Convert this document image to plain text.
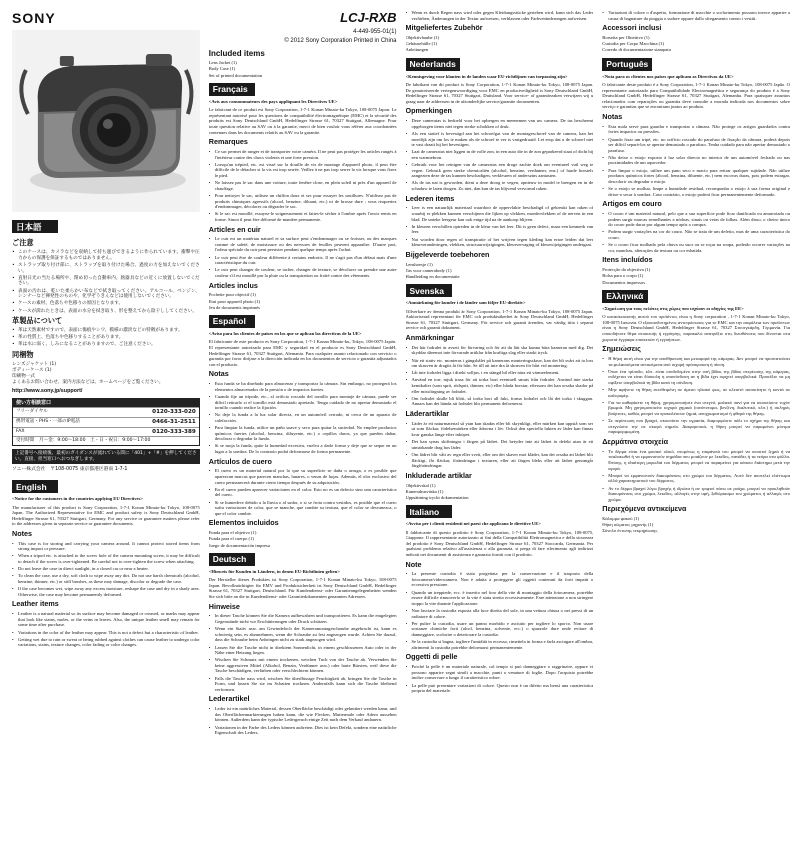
SONY
日本語
ご注意
• このケースは、カメラなどを収納して持ち運びできるように作られています。衝撃や圧力からの保護を保証するものではありません。
• ストラップ取り付け部に、ストラップを取り付けた場合、過度の力を加えないでください。
• 直射日光の当たる場所や、閉め切った自動車内、熱器具などの近くに放置しないでください。
• 表面の汚れは、乾いた柔らかい布などで拭き取ってください。アルコール、ベンジン、シンナーなど揮発性のものや、化学ぞうきんなどは使用しないでください。
• ケースの素材、色落ちや色移りの原因となります。
• ケースが濡れたときは、表面の水分を拭き取り、形を整えてから陰干ししてください。
革製品について
• 革は天然素材ですので、表面に傷痕やシワ、模様の濃淡などの特徴があります。
• 革の性質上、色落ちや色移りすることがあります。
• 革は水に弱く、しみになることがありますので、ご注意ください。
同梱物
レンズジャケット (1)
ボディーケース (1)
印刷物一式

よくあるお問い合わせ、案内方法などは、ホームページをご覧ください。

http://www.sony.jp/support/
使い方相談窓口
フリーダイヤル	0120-333-020
携帯電話・PHS・一部のIP電話	0466-31-2511
FAX	0120-333-389
受付時間　月～金：9:00～18:00　土・日・祝日：9:00～17:00
上記番号へ接続後、最初のガイダンスが流れている間に「401」+「#」を押してください。直接、担当窓口へおつなぎします。
ソニー株式会社　〒108-0075 東京都港区港南 1-7-1
English

<Notice for the customers in the countries applying EU Directives>

The manufacturer of this product is Sony Corporation, 1-7-1 Konan Minato-ku Tokyo, 108-0075 Japan. The Authorized Representative for EMC and product safety is Sony Deutschland GmbH, Hedelfinger Strasse 61, 70327 Stuttgart, Germany. For any service or guarantee matters please refer to the addresses given in separate service or guarantee documents.

Notes
• This case is for storing and carrying your camera around. It cannot protect stored items from strong impact or pressure.
• When a tripod etc. is attached to the screw hole of the camera mounting screw, it may be difficult to detach if the screw is over-tightened. Be careful not to over-tighten the screw when attaching.
• Do not leave the case in direct sunlight, in a closed car or near a heater.
• To clean the case, use a dry, soft cloth to wipe away any dirt. Do not use harsh chemicals (alcohol, benzine, thinner, etc.) or stiff brushes, as these may damage, discolor or degrade the case.
• If the case becomes wet, wipe away any excess moisture, reshape the case and dry in a shady area. Otherwise, the case may become permanently deformed.
Leather items
• Leather is a natural material so its surface may become damaged or creased, or marks may appear that look like stains, moles, or the veins in leaves. Also, the unique leather smell may remain for some time after purchase.
• Variations in the color of the leather may appear. This is not a defect but a characteristic of leather.
• Getting wet due to rain or sweat or being rubbed against clothes can cause leather to undergo color variations, stains, texture changes, color fading or color changes.
LCJ-RXB
4-449-955-01(1)
© 2012 Sony Corporation Printed in China
Included items
Lens Jacket (1)
Body Case (1)
Set of printed documentation
Français

<Avis aux consommateurs des pays appliquant les Directives UE>

Le fabricant de ce produit est Sony Corporation, 1-7-1 Konan Minato-ku Tokyo, 108-0075 Japon. Le représentant autorisé pour les questions de compatibilité électromagnétique (EMC) et la sécurité des produits est Sony Deutschland GmbH, Hedelfinger Strasse 61, 70327 Stuttgart, Allemagne. Pour toute question relative au SAV ou à la garantie, merci de bien vouloir vous référer aux coordonnées contenues dans les documents relatifs au SAV ou la garantie.

Remarques
• Ce sac permet de ranger et de transporter votre caméra. Il ne peut pas protéger les articles rangés à l'intérieur contre des chocs violents et une forte pression.
• Lorsqu'un trépied, etc. est vissé sur la douille de vis de montage d'appareil photo, il peut être difficile de le détacher si la vis est trop serrée. Veillez à ne pas trop serrer la vis lorsque vous fixez le pied.
• Ne laissez pas le sac dans une voiture, toute fenêtre close, en plein soleil ni près d'un appareil de chauffage.
• Pour nettoyer le sac, utilisez un chiffon doux et sec pour essuyer les souillures. N'utilisez pas de produits chimiques agressifs (alcool, benzine, diluant, etc.) ni de brosse dure ; vous risqueriez d'endommager, décolorer ou dégrader le sac.
• Si le sac est mouillé, essuyez-le soigneusement et faites-le sécher à l'ombre après l'avoir remis en forme. Sinon il peut être déformé de manière permanente.
Articles en cuir
• Le cuir est un matériau naturel et sa surface peut s'endommager ou se froisser, ou des marques comme de saleté, de moisissure ou des nervures de feuilles peuvent apparaître. D'autre part, l'odeur spéciale du cuir peut persister pendant quelque temps après l'achat.
• Le cuir peut être de couleur différente à certains endroits. Il ne s'agit pas d'un défaut mais d'une caractéristique du cuir.
• Le cuir peut changer de couleur, se tacher, changer de texture, se décolorer ou prendre une autre couleur s'il est mouillé par la pluie ou la transpiration ou frotté contre des vêtements.
Articles inclus
Pochette pour objectif (1)
Etui pour appareil photo (1)
Jeu de documents imprimés
Español

<Aviso para los clientes de países en los que se aplican las directivas de la UE>

El fabricante de este producto es Sony Corporation, 1-7-1 Konan Minato-ku, Tokyo, 108-0075 Japón. El representante autorizado para EMC y seguridad en el producto es Sony Deutschland GmbH, Hedelfinger Strasse 61, 70327 Stuttgart, Alemania. Para cualquier asunto relacionado con servicio o garantía por favor diríjase a la dirección indicada en los documentos de servicio o garantía adjuntados con el producto.

Notas
• Esta funda se ha diseñado para almacenar y transportar la cámara. Sin embargo, no protegerá los elementos almacenados de la presión o de impactos fuertes.
• Cuando fije un trípode, etc., al orificio roscado del tornillo para montaje de cámara, puede ser difícil retirarlo si el tornillo está demasiado apretado. Tenga cuidado de no apretar demasiado el tornillo cuando realice la fijación.
• No deje la funda a la luz solar directa, en un automóvil cerrado, ni cerca de un aparato de calefacción.
• Para limpiar la funda, utilice un paño suave y seco para quitar la suciedad. No emplee productos químicos fuertes (alcohol, bencina, diluyente, etc.) o cepillos duros, ya que pueden dañar, decolorar o degradar la funda.
• Si se moja la funda, quite la humedad excesiva, vuelva a darle forma y deje que se seque en un lugar a la sombra. De lo contrario podrá deformarse de forma permanente.
Artículos de cuero
• El cuero es un material natural por lo que su superficie se daña o arruga, o es posible que aparezcan marcas que parecen manchas, lunares, o venas de hojas. Además, el olor exclusivo del cuero permanecerá durante cierto tiempo después de su adquisición.
• En el cuero pueden aparecer variaciones en el color. Esto no es un defecto sino una característica del cuero.
• Si se humedece debido a la lluvia o al sudor, o si se frota contra vestidos, es posible que el cuero sufra variaciones de color, que se manche, que cambie su textura, que el color se desvanezca, o que el color cambie.
Elementos incluidos
Funda para el objetivo (1)
Funda para el cuerpo (1)
Juego de documentación impresa
Deutsch

<Hinweis für Kunden in Ländern, in denen EU-Richtlinien gelten>

Der Hersteller dieses Produktes ist Sony Corporation, 1-7-1 Konan Minato-ku Tokyo, 108-0075 Japan. Bevollmächtigter für EMV und Produktsicherheit ist Sony Deutschland GmbH, Hedelfinger Strasse 61, 70327 Stuttgart, Deutschland. Für Kundendienst- oder Garantieangelegenheiten wenden Sie sich bitte an die in Kundendienst- oder Garantiedokumenten genannten Adressen.

Hinweise
• In dieser Tasche können Sie die Kamera aufbewahren und transportieren. Es kann die eingelegten Gegenstände nicht vor Erschütterungen oder Druck schützen.
• Wenn ein Stativ usw. am Gewindeloch der Kameramontageschraube angebracht ist, kann es schwierig sein, es abzunehmen, wenn die Schraube zu fest angezogen wurde. Achten Sie darauf, dass die Schraube beim Anbringen nicht zu stark angezogen wird.
• Lassen Sie die Tasche nicht in direktem Sonnenlicht, in einem geschlossenen Auto oder in der Nähe einer Heizung liegen.
• Wischen Sie Schmutz mit einem trockenen, weichen Tuch von der Tasche ab. Verwenden Sie keine aggressiven Mittel (Alkohol, Benzin, Verdünner usw.) oder harte Bürsten, weil diese die Tasche beschädigen, verfärben oder verschlechtern können.
• Falls die Tasche nass wird, wischen Sie überflüssige Feuchtigkeit ab, bringen Sie die Tasche in Form, und lassen Sie sie im Schatten trocknen. Andernfalls kann sich die Tasche bleibend verformen.
Lederartikel
• Leder ist ein natürliches Material, dessen Oberfläche beschädigt oder geknittert werden kann, und das Oberflächenmarkierungen haben kann, die wie Flecken, Muttermale oder Adern aussehen können. Außerdem kann der typische Ledergeruch einige Zeit nach dem Verkauf andauern.
• Variationen in der Farbe des Leders können auftreten. Dies ist kein Defekt, sondern eine natürliche Eigenschaft des Leders.
• Wenn es durch Regen nass wird oder gegen Kleidungsstücke gerieben wird, kann sich das Leder verfärben, Änderungen in der Textur aufweisen, verblassen oder Farbveränderungen aufweisen.
Mitgeliefertes Zubehör
Objektivhaube (1)
Gehäusehülle (1)
Anleitungen
Nederlands

<Kennisgeving voor klanten in de landen waar EU-richtlijnen van toepassing zijn>

De fabrikant van dit product is Sony Corporation, 1-7-1 Konan Minato-ku Tokyo, 108-0075 Japan. De geautoriseerde vertegenwoordiging voor EMC en productveiligheid is Sony Deutschland GmbH, Hedelfinger Strasse 61, 70327 Stuttgart, Duitsland. Voor service- of garantiezaken verwijzen wij u graag naar de addressen in de afzonderlijke service/garantie documenten.

Opmerkingen
• Deze cameratas is bedoeld voor het opbergen en meenemen van uw camera. De tas beschermt opgeborgen items niet tegen sterke schokken of druk.
• Als een statief is bevestigd aan het schroefgat van de montageschroef van de camera, kan het moeilijk zijn om los te maken als de schroef te ver is vastgedraaid. Let erop dat u de schroef niet te vast draait bij het bevestigen.
• Laat de cameratas niet liggen in de volle zon, in een auto die in de zon geparkeerd staat of dicht bij een warmtebron.
• Gebruik voor het reinigen van de cameratas een droge zachte doek om eventueel vuil weg te vegen. Gebruik geen sterke chemicaliën (alcohol, benzine, verdunner, enz.) of harde borstels aangezien deze de tas kunnen beschadigen, verkleuren of anderszins aantasten.
• Als de tas nat is geworden, dient u deze droog te vegen, opnieuw in model te brengen en in de schaduw te laten drogen. Zo niet, dan kan de tas blijvend vervormd raken.
Lederen items
• Leer is een natuurlijk materiaal waardoor de oppervlakte beschadigd of gekreukt kan raken of waarbij er plekken kunnen verschijnen die lijken op vlekken, moedervlekken of de nerven in een blad. De unieke leergeur kan ook enige tijd na de aankoop blijven.
• In kleuren verschillen optreden in de kleur van het leer. Dit is geen defect, maar een kenmerk van leer.
• Nat worden door regen of transpiratie of het wrijven tegen kleding kan ertoe leiden dat leer kleurveranderingen, vlekken, structuurwijzigingen, kleurvervaging of kleurwijzigingen ondergaat.
Bijgeleverde toebehoren
Lenshoesje (1)
Tas voor camerabody (1)
Handleiding en documentatie
Svenska

<Anmärkning för kunder i de länder som följer EU-direktiv>

Tillverkare av denna produkt är Sony Corporation, 1-7-1 Konan Minato-ku Tokyo, 108-0075 Japan. Auktoriserad representant för EMC och produktsäkerhet är Sony Deutschland GmbH, Hedelfinger Strasse 61, 70327 Stuttgart, Germany. För service och garanti ärenden, var vänlig titta i separat service och garanti dokument.

Anmärkningar
• Det här fodralet är avsett för förvaring och för att du lätt ska kunna bära kameran med dig. Det skyddar däremot inte förvarade artiklar från kraftiga slag eller starkt tryck.
• När ett stativ etc. monteras i gängshålet på kamerans monteringsskruv, kan det bli svårt att ta loss om skruven är dragits åt för hårt. Se till att inte dra åt skruven för hårt vid montering.
• Låt inte fodralet ligga i direkt solljus, i en stängd bil eller nära ett värmeelement.
• Använd en torr, mjuk trasa för att torka bort eventuell smuts från fodralet. Använd inte starka kemikalier (som sprit, rödsprit, thinner, etc) eller hårda borstar, eftersom det kan orsaka skador på eller missfärgning av fodralet.
• Om fodralet skulle bli blött, så torka bort all fukt, forma fodralet och låt det torka i skuggan. Annars kan det hända att fodralet blir permanent deformerat.
Läderartiklar
• Läder är ett naturmaterial så ytan kan skadas eller bli skrynkligt, eller märken kan uppstå som ser ut som fläckar, födelsemärken eller ådrorna i löv. Också den speciella lukten av läder kan finnas kvar ganska länge efter inköpet.
• Det kan synas skiftningar i färgen på lädret. Det betyder inte att lädret är defekt utan är ett utmärkande drag hos läder.
• Om lädret blir vått av regn eller svett, eller om det skaver mot kläder, kan det orsaka att lädret blir fläckigt, får fläckar, förändringar i texturen, eller att färgen bleks eller att lädret genomgår färgförändringar.
Inkluderade artiklar
Objektivskal (1)
Kamerahusväska (1)
Uppsättning tryckt dokumentation
Italiano

<Avviso per i clienti residenti nei paesi che applicano le direttive UE>

Il fabbricante di questo prodotto è Sony Corporation, 1-7-1 Konan Minato-ku Tokyo, 108-0075, Giappone. Il rappresentante autorizzato ai fini della Compatibilità Elettromagnetica e della sicurezza del prodotto è Sony Deutschland GmbH, Hedelfinger Strasse 61, 70327 Stoccarda, Germania. Per qualsiasi problema relativo all'assistenza o alla garanzia, si prega di fare riferimento agli indirizzi indicati nei documenti di assistenza e garanzia forniti con il prodotto.

Note
• La presente custodia è stata progettata per la conservazione e il trasporto della fotocamera/videocamera. Non è adatta a proteggere gli oggetti contenuti da forti impatti o eccessiva pressione.
• Quando un treppiede, ecc. è inserito nel foro della vite di montaggio della fotocamera, potrebbe essere difficile rimuoverlo se la vite è stata stretta eccessivamente. Fare attenzione a non stringere troppo la vite durante l'applicazione.
• Non lasciare la custodia esposta alla luce diretta del sole, in una vettura chiusa o nei pressi di un radiatore di calore.
• Per pulire la custodia, usare un panno morbido e asciutto per togliere lo sporco. Non usare sostanze chimiche forti (alcol, benzina, solvente, ecc.) o spazzole dure onde evitare di danneggiare, scolorire o deteriorare la custodia.
• Se la custodia si bagna, togliere l'umidità in eccesso, rimettela in forma e farla asciugare all'ombra, altrimenti la custodia potrebbe deformarsi permanentemente.
Oggetti di pelle
• Poiché la pelle è un materiale naturale, col tempo si può danneggiare o raggrinzire, oppure vi possono apparire segni simili a macchie, punti o venature di foglie. Dopo l'acquisto potrebbe inoltre conservare a lungo il caratteristico odore.
• La pelle può presentare variazioni di colore. Questo non è un difetto ma bensì una caratteristica propria del materiale.
• Variazioni di colore o d'aspetto, formazione di macchie o scolorimento possono invece apparire a causa di bagnature da pioggia o sudore oppure dallo sfregamento contro i vestiti.
Accessori inclusi
Borsetta per Obiettivo (1)
Custodia per Corpo Macchina (1)
Corredo di documentazione stampata
Português

<Nota para os clientes nos países que aplicam as Directivas da UE>

O fabricante deste produto é a Sony Corporation, 1-7-1 Konan Minato-ku Tokyo, 108-0075 Japão. O representante autorizado para Compatibilidade Electromagnética e segurança do produto é a Sony Deutschland GmbH, Hedelfinger Strasse 61, 70327 Stuttgart, Alemanha. Para quaisquer assuntos relacionados com reparações ou garantia deve consulte a morada indicada nos documentos sobre serviço e garantias que se encontram juntos ao produto.

Notas
• Esta mala serve para guardar e transportar a câmara. Não protege os artigos guardados contra fortes impactos ou pressões.
• Quando fixar um tripé, etc. no orifício roscado do parafuso de fixação da câmara, poderá depois ser difícil separá-los se apertar demasiado o parafuso. Tenha cuidado para não apertar demasiado o parafuso.
• Não deixe o estojo exposto à luz solar directa no interior de um automóvel fechado ou nas proximidades de um aquecedor.
• Para limpar o estojo, utilize um pano seco e macio para retirar qualquer sujidade. Não utilize produtos químicos fortes (álcool, benzina, diluente, etc.) nem escovas duras, pois podem estragar, descolorir ou degradar o estojo.
• Se o estojo se molhar, limpe a humidade residual, recomponha o estojo à sua forma original e deixe-o secar à sombra. Caso contrário, o estojo poderá ficar permanentemente deformado.
Artigos em couro
• O couro é um material natural, pelo que a sua superfície pode ficar danificada ou amarrotada ou podem surgir marcas semelhantes a nódoas, sinais ou veias de folhas. Além disso, o cheiro único do couro pode durar por algum tempo após a compra.
• Podem surgir variações na cor do couro. Não se trata de um defeito, mas de uma característica do couro.
• Se o couro ficar molhado pela chuva ou suor ou se roçar na roupa, poderão ocorrer variações na cor, manchas, alterações da textura ou cor esbatida.
Itens incluídos
Protecção da objectiva (1)
Bolsa para o corpo (1)
Documentos impressos
Ελληνικά

<Σημείωση για τους πελάτες στις χώρες που ισχύουν οι οδηγίες της ΕΕ>

Ο κατασκευαστής αυτού του προϊόντος είναι η Sony corporation , 1-7-1 Konan Minato-ku Tokyo, 108-0075 Ιαπωνία. Ο εξουσιοδοτημένος αντιπρόσωπος για το EMC και την ασφάλεια των προϊόντων είναι η Sony Deutschland GmbH, Hedelfinger Strasse 61, 70327 Στουτγκάρδη, Γερμανία. Για οποιοδήποτε θέμα επισκευής ή εγγύησης, παρακαλώ ανατρέξτε στις διευθύνσεις που δίνονται στα χωριστά έγγραφα επισκευών ή εγγυήσεων.

Σημειώσεις
• Η θήκη αυτή είναι για την αποθήκευση και μεταφορά της κάμερας. Δεν μπορεί να προστατεύσει τα φυλασσόμενα αντικείμενα από ισχυρή πρόσκρουση ή πίεση.
• Όταν ένα τρίποδο, κλπ. είναι συνδεδεμένο στην οπή βίδας της βίδας στερέωσης της κάμερας, ενδέχεται να είναι δύσκολη η αποσύνδεση αν η βίδα έχει σφιχτεί υπερβολικά. Προσέξτε να μη σφίξετε υπερβολικά τη βίδα κατά τη σύνδεση.
• Μην αφήνετε τη θήκη εκτεθειμένη σε άμεσο ηλιακό φως, σε κλειστό αυτοκίνητο ή κοντά σε καλοριφέρ.
• Για να καθαρίσετε τη θήκη, χρησιμοποιήστε ένα στεγνό, μαλακό πανί για να σκουπίσετε τυχόν βρωμιά. Μη χρησιμοποιείτε ισχυρά χημικά (οινόπνευμα, βενζίνη, διαλυτικό, κλπ.) ή σκληρές βούρτσες, καθώς μπορεί να προκαλέσουν ζημιά, αποχρωματισμό ή φθορά της θήκης.
• Σε περίπτωση που βραχεί, σκουπίστε την υγρασία, διαμορφώστε πάλι το σχήμα της θήκης και στεγνώστε την σε σκιερό σημείο. Διαφορετικά, η θήκη μπορεί να παραμείνει μόνιμα παραμορφωμένη.
Δερμάτινα στοιχεία
• Το δέρμα είναι ένα φυσικό υλικό, επομένως η επιφάνειά του μπορεί να υποστεί ζημιά ή να τσαλακωθεί ή να εμφανιστούν σημάδια που μοιάζουν με λεκέδες, πανάδες ή τα νεύρα στα φύλλα. Επίσης, η ιδιαίτερη μυρωδιά του δέρματος μπορεί να παραμείνει για κάποιο διάστημα μετά την αγορά.
• Μπορεί να εμφανιστούν διακυμάνσεις στο χρώμα του δέρματος. Αυτό δεν αποτελεί ελάττωμα αλλά χαρακτηριστικό του δέρματος.
• Αν το δέρμα βραχεί λόγω βροχής ή ιδρώτα ή αν τριφτεί πάνω σε ρούχα, μπορεί να προκληθούν διακυμάνσεις στο χρώμα, λεκέδες, αλλαγές στην υφή, ξεθώριασμα του χρώματος ή αλλαγές στο χρώμα.
Περιεχόμενα αντικείμενα
Κάλυμμα φακού (1)
Θήκη σώματος μηχανής (1)
Σύνολο έντυπης τεκμηρίωσης
